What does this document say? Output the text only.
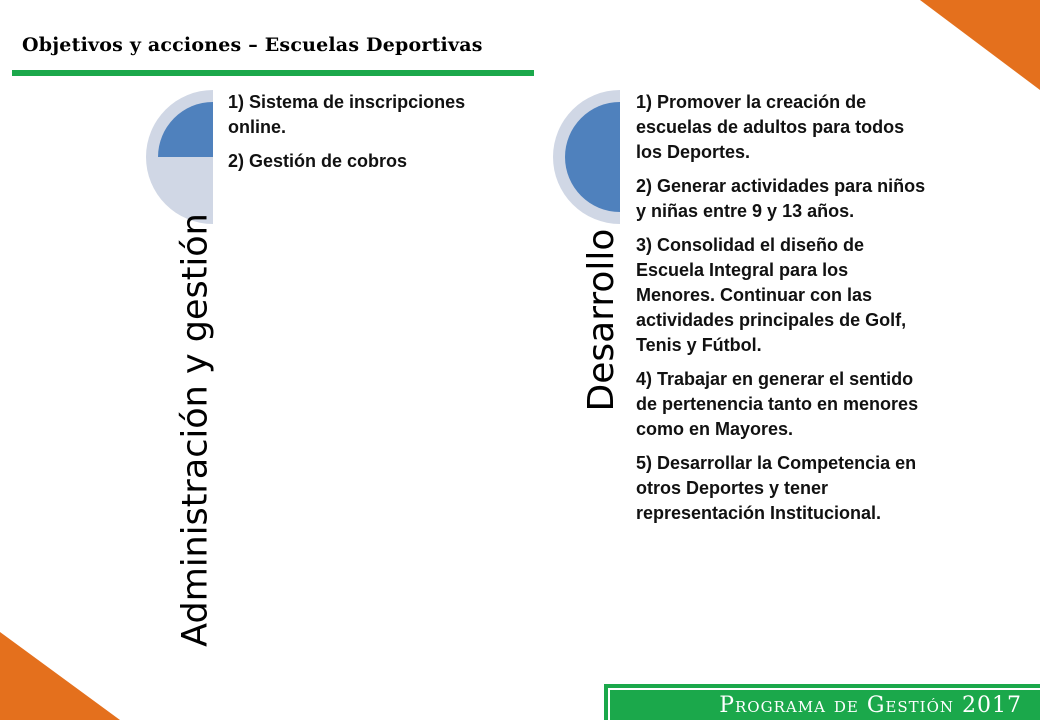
Objetivos y acciones – Escuelas Deportivas
Administración y gestión
1) Sistema de inscripciones online.
2) Gestión de cobros
Desarrollo
1) Promover la creación de escuelas de adultos para todos los Deportes.
2) Generar actividades para niños y niñas entre 9 y 13 años.
3) Consolidad el diseño de Escuela Integral para los Menores. Continuar con las actividades principales de Golf, Tenis y Fútbol.
4) Trabajar en generar el sentido de pertenencia tanto en menores como en Mayores.
5) Desarrollar la Competencia en otros Deportes y tener representación Institucional.
Programa de Gestión 2017
